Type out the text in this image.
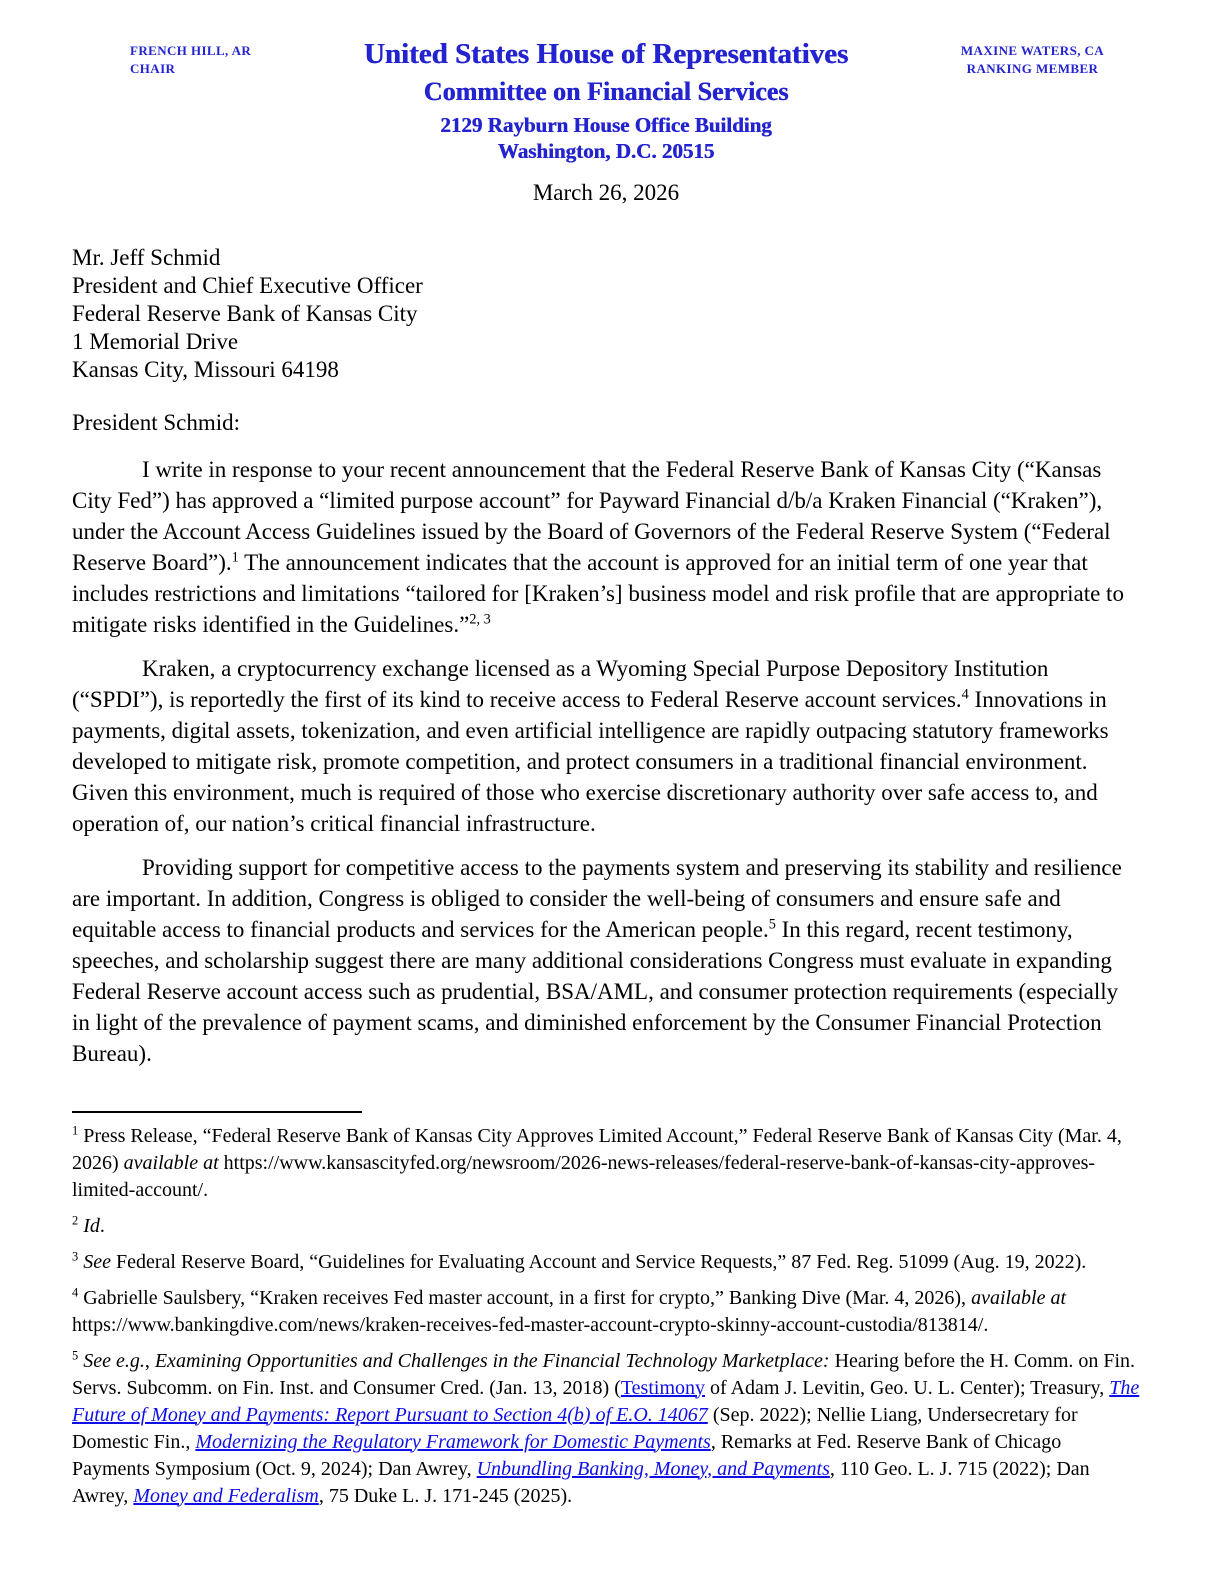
FRENCH HILL, AR
CHAIR	United States House of Representatives
Committee on Financial Services
2129 Rayburn House Office Building
Washington, D.C. 20515
MAXINE WATERS, CA
RANKING MEMBER
March 26, 2026
Mr. Jeff Schmid
President and Chief Executive Officer
Federal Reserve Bank of Kansas City
1 Memorial Drive
Kansas City, Missouri 64198
President Schmid:

I write in response to your recent announcement that the Federal Reserve Bank of Kansas City (“Kansas City Fed”) has approved a “limited purpose account” for Payward Financial d/b/a Kraken Financial (“Kraken”), under the Account Access Guidelines issued by the Board of Governors of the Federal Reserve System (“Federal Reserve Board”).$^1$ The announcement indicates that the account is approved for an initial term of one year that includes restrictions and limitations “tailored for [Kraken’s] business model and risk profile that are appropriate to mitigate risks identified in the Guidelines.”$^{2, 3}$

Kraken, a cryptocurrency exchange licensed as a Wyoming Special Purpose Depository Institution (“SPDI”), is reportedly the first of its kind to receive access to Federal Reserve account services.$^4$ Innovations in payments, digital assets, tokenization, and even artificial intelligence are rapidly outpacing statutory frameworks developed to mitigate risk, promote competition, and protect consumers in a traditional financial environment. Given this environment, much is required of those who exercise discretionary authority over safe access to, and operation of, our nation’s critical financial infrastructure.

Providing support for competitive access to the payments system and preserving its stability and resilience are important. In addition, Congress is obliged to consider the well-being of consumers and ensure safe and equitable access to financial products and services for the American people.$^5$ In this regard, recent testimony, speeches, and scholarship suggest there are many additional considerations Congress must evaluate in expanding Federal Reserve account access such as prudential, BSA/AML, and consumer protection requirements (especially in light of the prevalence of payment scams, and diminished enforcement by the Consumer Financial Protection Bureau).

$^1$ Press Release, “Federal Reserve Bank of Kansas City Approves Limited Account,” Federal Reserve Bank of Kansas City (Mar. 4, 2026) available at https://www.kansascityfed.org/newsroom/2026-news-releases/federal-reserve-bank-of-kansas-city-approves-limited-account/.

$^2$ Id.

$^3$ See Federal Reserve Board, “Guidelines for Evaluating Account and Service Requests,” 87 Fed. Reg. 51099 (Aug. 19, 2022).

$^4$ Gabrielle Saulsbery, “Kraken receives Fed master account, in a first for crypto,” Banking Dive (Mar. 4, 2026), available at https://www.bankingdive.com/news/kraken-receives-fed-master-account-crypto-skinny-account-custodia/813814/.

$^5$ See e.g., Examining Opportunities and Challenges in the Financial Technology Marketplace: Hearing before the H. Comm. on Fin. Servs. Subcomm. on Fin. Inst. and Consumer Cred. (Jan. 13, 2018) (Testimony of Adam J. Levitin, Geo. U. L. Center); Treasury, The Future of Money and Payments: Report Pursuant to Section 4(b) of E.O. 14067 (Sep. 2022); Nellie Liang, Undersecretary for Domestic Fin., Modernizing the Regulatory Framework for Domestic Payments, Remarks at Fed. Reserve Bank of Chicago Payments Symposium (Oct. 9, 2024); Dan Awrey, Unbundling Banking, Money, and Payments, 110 Geo. L. J. 715 (2022); Dan Awrey, Money and Federalism, 75 Duke L. J. 171-245 (2025).
